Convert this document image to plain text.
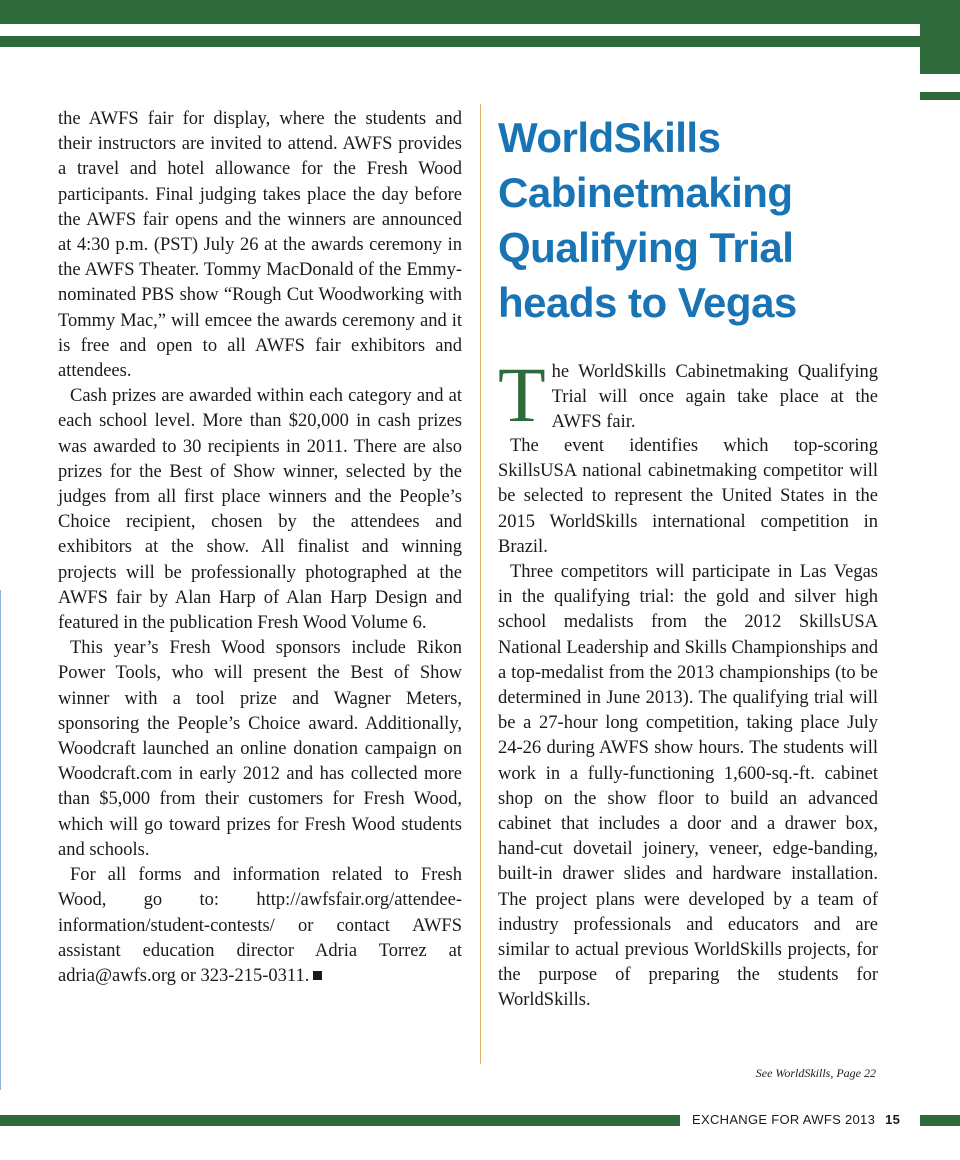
the AWFS fair for display, where the students and their instructors are invited to attend. AWFS provides a travel and hotel allowance for the Fresh Wood participants. Final judging takes place the day before the AWFS fair opens and the winners are announced at 4:30 p.m. (PST) July 26 at the awards ceremony in the AWFS Theater. Tommy MacDonald of the Emmy-nominated PBS show “Rough Cut Woodworking with Tommy Mac,” will emcee the awards ceremony and it is free and open to all AWFS fair exhibitors and attendees.

Cash prizes are awarded within each category and at each school level. More than $20,000 in cash prizes was awarded to 30 recipients in 2011. There are also prizes for the Best of Show winner, selected by the judges from all first place winners and the People’s Choice recipient, chosen by the attendees and exhibitors at the show. All finalist and winning projects will be professionally photographed at the AWFS fair by Alan Harp of Alan Harp Design and featured in the publication Fresh Wood Volume 6.

This year’s Fresh Wood sponsors include Rikon Power Tools, who will present the Best of Show winner with a tool prize and Wagner Meters, sponsoring the People’s Choice award. Additionally, Woodcraft launched an online donation campaign on Woodcraft.com in early 2012 and has collected more than $5,000 from their customers for Fresh Wood, which will go toward prizes for Fresh Wood students and schools.

For all forms and information related to Fresh Wood, go to: http://awfsfair.org/attendee-information/student-contests/ or contact AWFS assistant education director Adria Torrez at adria@awfs.org or 323-215-0311.

WorldSkills Cabinetmaking Qualifying Trial heads to Vegas

The WorldSkills Cabinetmaking Qualifying Trial will once again take place at the AWFS fair.

The event identifies which top-scoring SkillsUSA national cabinetmaking competitor will be selected to represent the United States in the 2015 WorldSkills international competition in Brazil.

Three competitors will participate in Las Vegas in the qualifying trial: the gold and silver high school medalists from the 2012 SkillsUSA National Leadership and Skills Championships and a top-medalist from the 2013 championships (to be determined in June 2013). The qualifying trial will be a 27-hour long competition, taking place July 24-26 during AWFS show hours. The students will work in a fully-functioning 1,600-sq.-ft. cabinet shop on the show floor to build an advanced cabinet that includes a door and a drawer box, hand-cut dovetail joinery, veneer, edge-banding, built-in drawer slides and hardware installation. The project plans were developed by a team of industry professionals and educators and are similar to actual previous WorldSkills projects, for the purpose of preparing the students for WorldSkills.

See WorldSkills, Page 22
EXCHANGE FOR AWFS 2013 15
